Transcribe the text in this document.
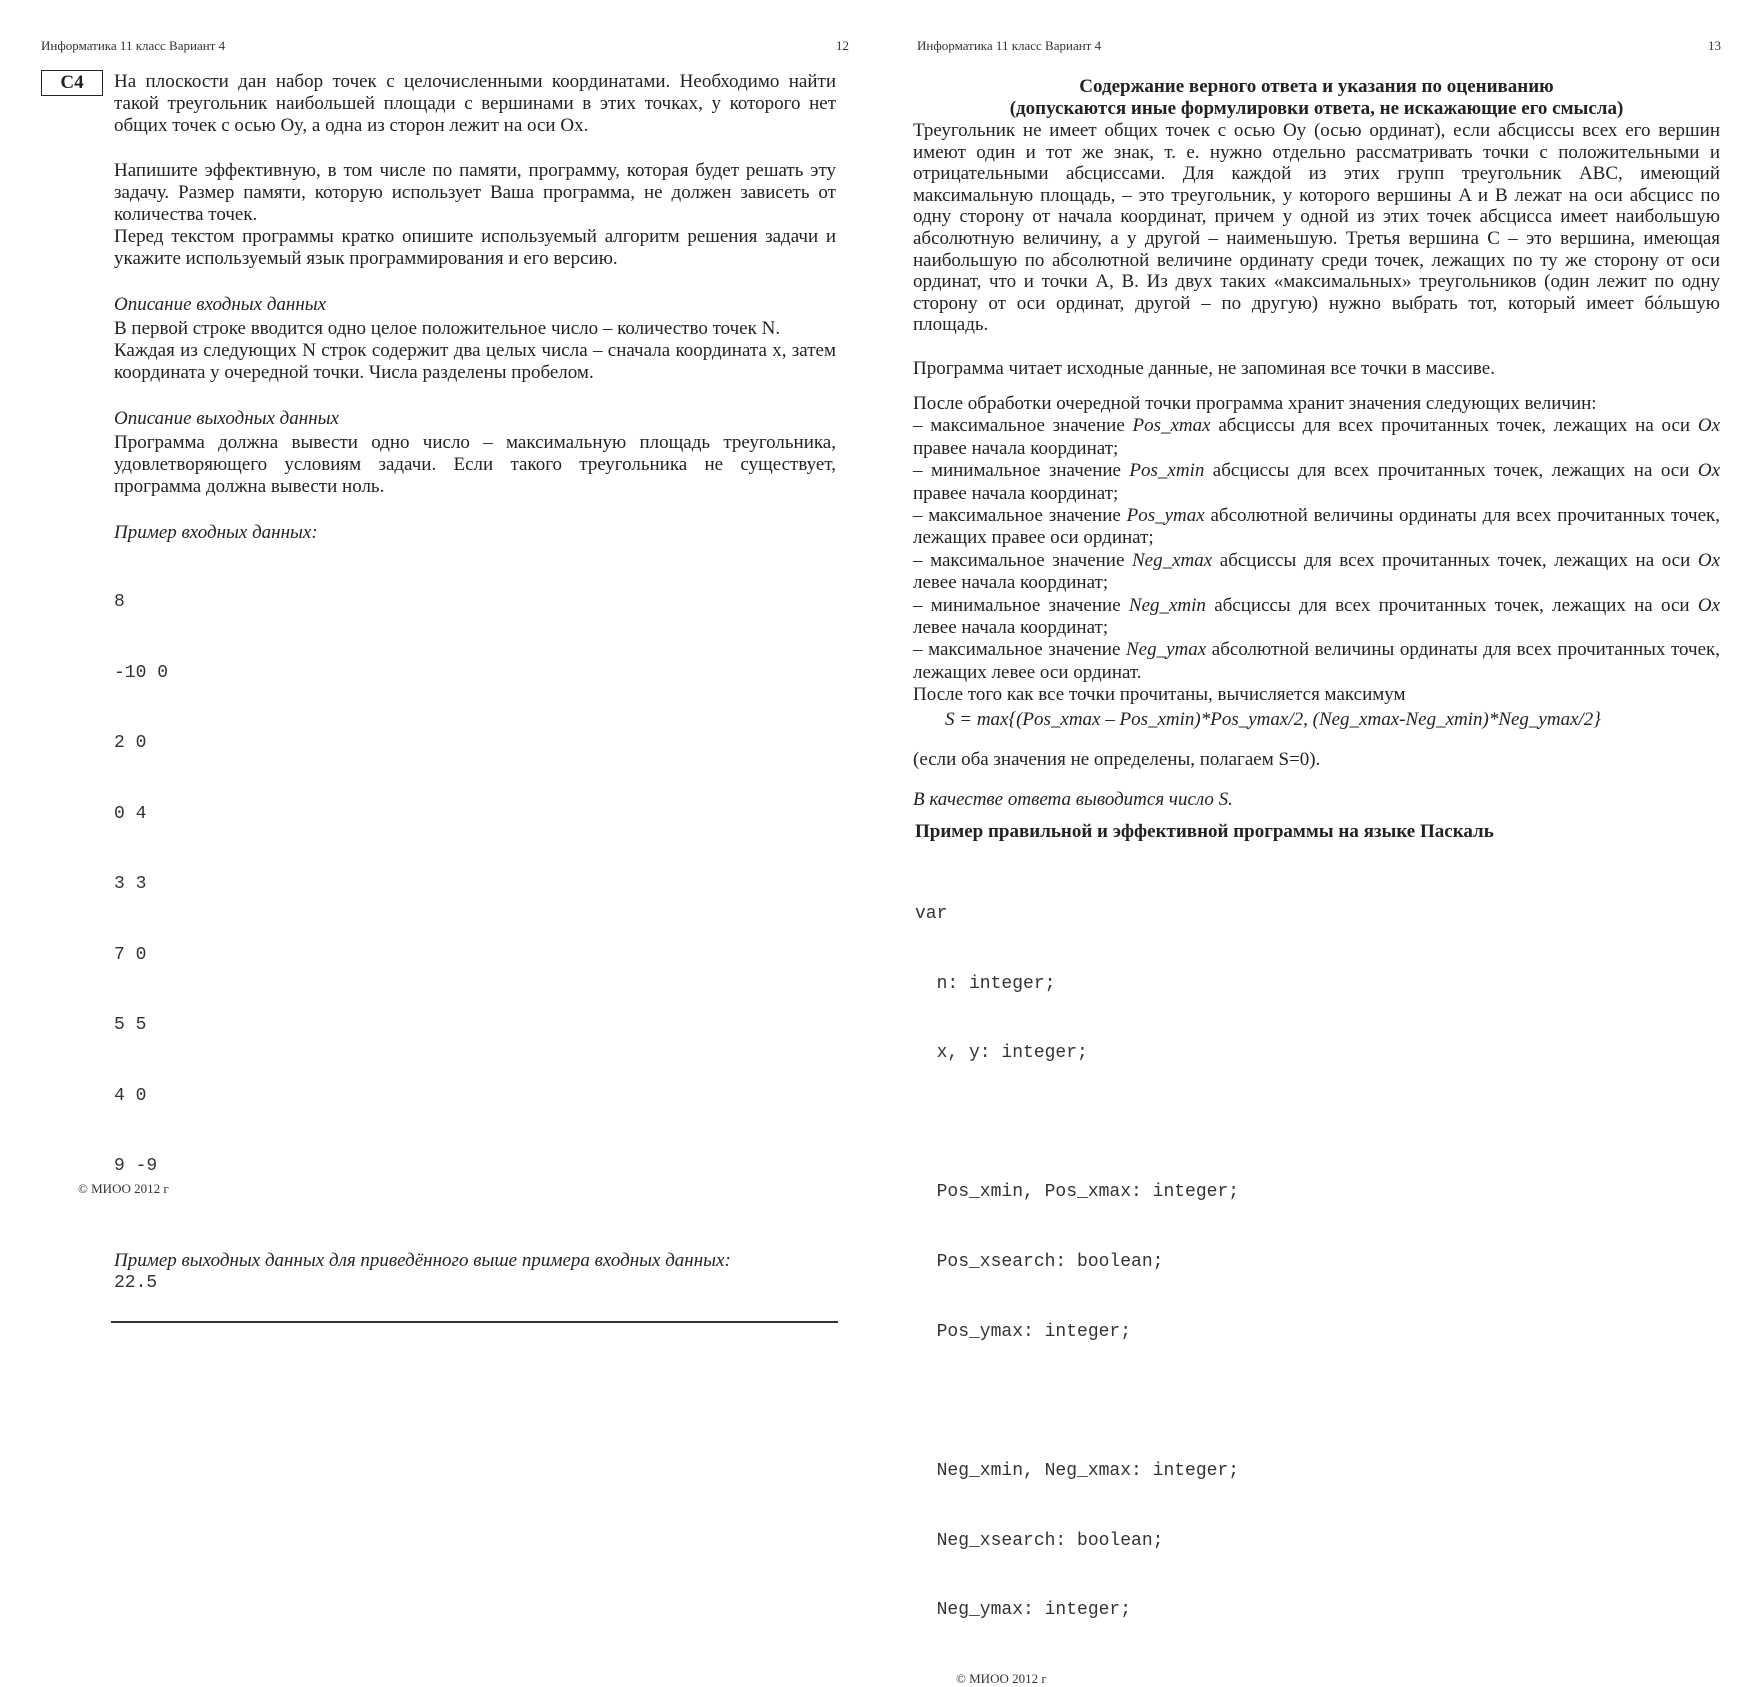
Информатика 11 класс Вариант 4	12
C4	На плоскости дан набор точек с целочисленными координатами. Необходимо найти такой треугольник наибольшей площади с вершинами в этих точках, у которого нет общих точек с осью Oy, а одна из сторон лежит на оси Ox.

Напишите эффективную, в том числе по памяти, программу, которая будет решать эту задачу. Размер памяти, которую использует Ваша программа, не должен зависеть от количества точек.

Перед текстом программы кратко опишите используемый алгоритм решения задачи и укажите используемый язык программирования и его версию.

Описание входных данных

В первой строке вводится одно целое положительное число – количество точек N.

Каждая из следующих N строк содержит два целых числа – сначала координата x, затем координата y очередной точки. Числа разделены пробелом.

Описание выходных данных
Программа должна вывести одно число – максимальную площадь треугольника, удовлетворяющего условиям задачи. Если такого треугольника не существует, программа должна вывести ноль.
Пример входных данных:

8

-10 0

2 0

0 4

3 3

7 0

5 5

4 0

9 -9

Пример выходных данных для приведённого выше примера входных данных:
22.5
© МИОО 2012 г
Информатика 11 класс Вариант 4	13

Содержание верного ответа и указания по оцениванию

(допускаются иные формулировки ответа, не искажающие его смысла)

Треугольник не имеет общих точек с осью Oy (осью ординат), если абсциссы всех его вершин имеют один и тот же знак, т. е. нужно отдельно рассматривать точки с положительными и отрицательными абсциссами. Для каждой из этих групп треугольник ABC, имеющий максимальную площадь, – это треугольник, у которого вершины A и B лежат на оси абсцисс по одну сторону от начала координат, причем у одной из этих точек абсцисса имеет наибольшую абсолютную величину, а у другой – наименьшую. Третья вершина C – это вершина, имеющая наибольшую по абсолютной величине ординату среди точек, лежащих по ту же сторону от оси ординат, что и точки A, B. Из двух таких «максимальных» треугольников (один лежит по одну сторону от оси ординат, другой – по другую) нужно выбрать тот, который имеет бóльшую площадь.
Программа читает исходные данные, не запоминая все точки в массиве.

После обработки очередной точки программа хранит значения следующих величин:

– максимальное значение Pos_xmax абсциссы для всех прочитанных точек, лежащих на оси Ox правее начала координат;

– минимальное значение Pos_xmin абсциссы для всех прочитанных точек, лежащих на оси Ox правее начала координат;

– максимальное значение Pos_ymax абсолютной величины ординаты для всех прочитанных точек, лежащих правее оси ординат;

– максимальное значение Neg_xmax абсциссы для всех прочитанных точек, лежащих на оси Ox левее начала координат;

– минимальное значение Neg_xmin абсциссы для всех прочитанных точек, лежащих на оси Ox левее начала координат;

– максимальное значение Neg_ymax абсолютной величины ординаты для всех прочитанных точек, лежащих левее оси ординат.

После того как все точки прочитаны, вычисляется максимум

S = max{(Pos_xmax – Pos_xmin)*Pos_ymax/2, (Neg_xmax-Neg_xmin)*Neg_ymax/2}
(если оба значения не определены, полагаем S=0).
В качестве ответа выводится число S.
Пример правильной и эффективной программы на языке Паскаль

var

n: integer;

x, y: integer;

Pos_xmin, Pos_xmax: integer;

Pos_xsearch: boolean;

Pos_ymax: integer;

Neg_xmin, Neg_xmax: integer;

Neg_xsearch: boolean;

Neg_ymax: integer;

© МИОО 2012 г
